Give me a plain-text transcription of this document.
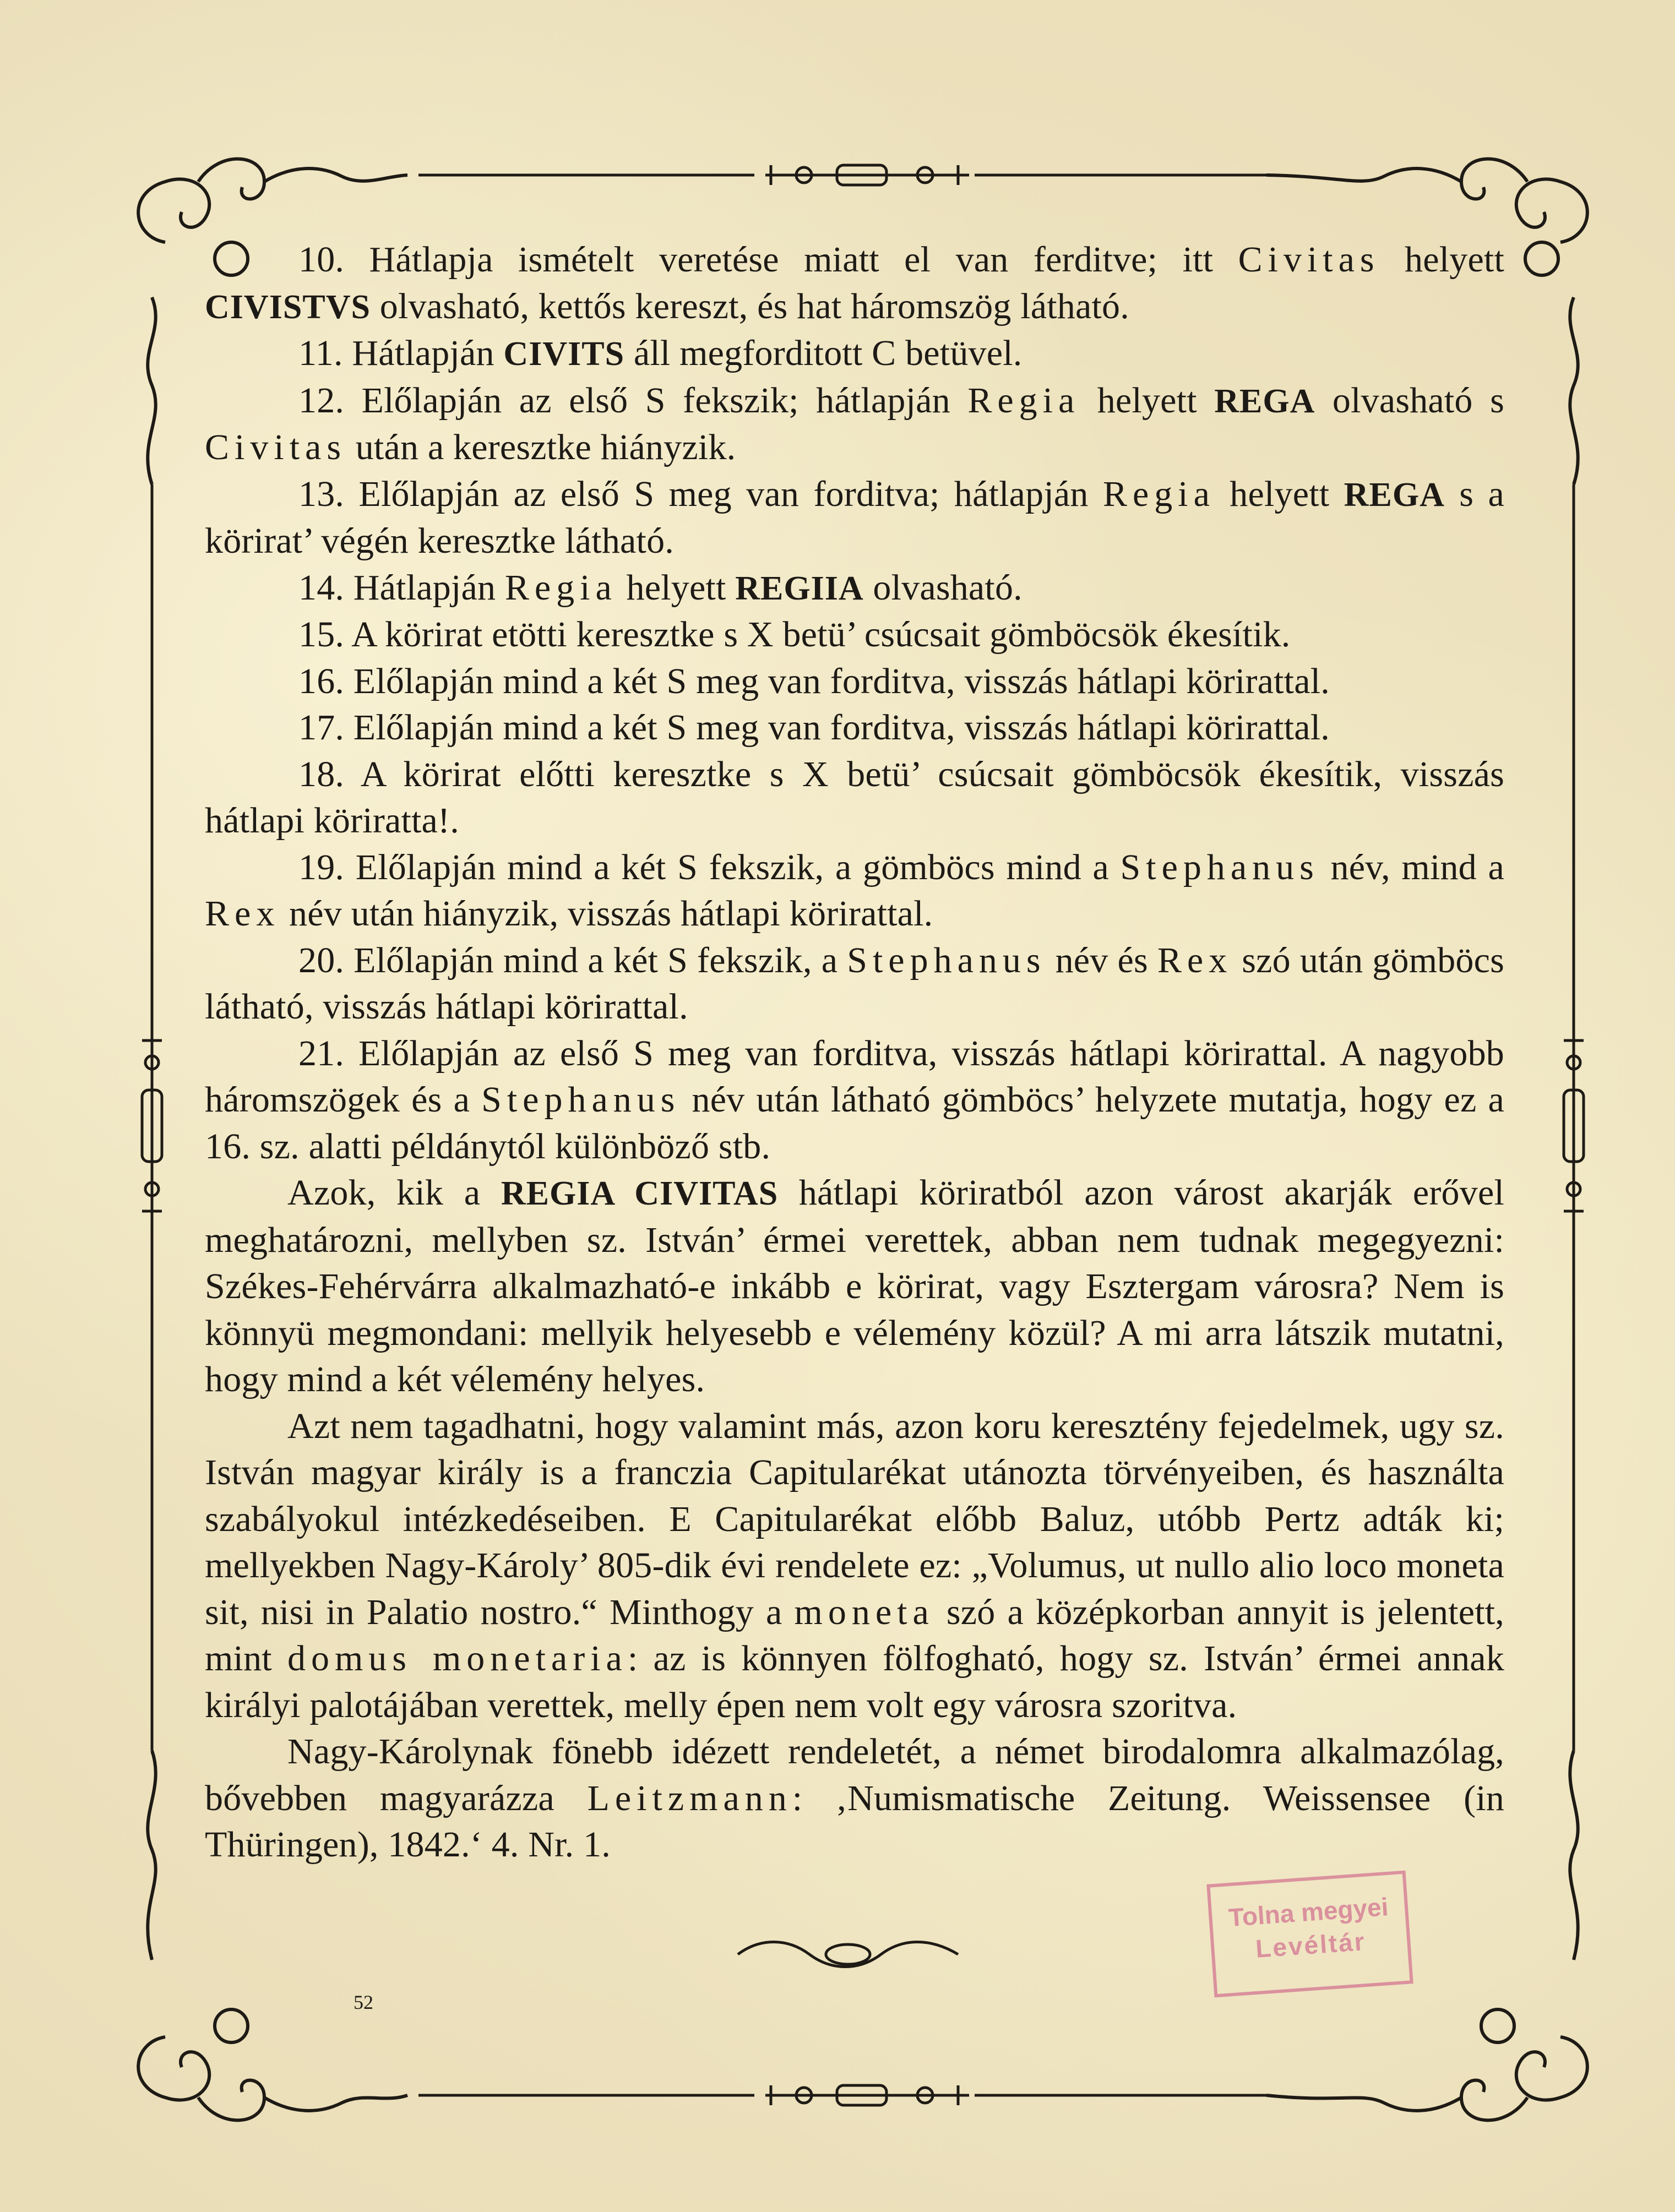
10. Hátlapja ismételt veretése miatt el van ferditve; itt Civitas helyett CIVISTVS olvasható, kettős kereszt, és hat háromszög látható.

11. Hátlapján CIVITS áll megforditott C betüvel.

12. Előlapján az első S fekszik; hátlapján Regia helyett REGA olvasható s Civitas után a keresztke hiányzik.

13. Előlapján az első S meg van forditva; hátlapján Regia helyett REGA s a körirat’ végén keresztke látható.

14. Hátlapján Regia helyett REGIIA olvasható.

15. A körirat etötti keresztke s X betü’ csúcsait gömböcsök ékesítik.

16. Előlapján mind a két S meg van forditva, visszás hátlapi körirattal.

17. Előlapján mind a két S meg van forditva, visszás hátlapi körirattal.

18. A körirat előtti keresztke s X betü’ csúcsait gömböcsök ékesítik, visszás hátlapi köriratta!.

19. Előlapján mind a két S fekszik, a gömböcs mind a Stephanus név, mind a Rex név után hiányzik, visszás hátlapi körirattal.

20. Előlapján mind a két S fekszik, a Stephanus név és Rex szó után gömböcs látható, visszás hátlapi körirattal.

21. Előlapján az első S meg van forditva, visszás hátlapi körirattal. A nagyobb háromszögek és a Stephanus név után látható gömböcs’ helyzete mutatja, hogy ez a 16. sz. alatti példánytól különböző stb.

Azok, kik a REGIA CIVITAS hátlapi köriratból azon várost akarják erővel meghatározni, mellyben sz. István’ érmei verettek, abban nem tudnak megegyezni: Székes-Fehérvárra alkalmazható-e inkább e körirat, vagy Esztergam városra? Nem is könnyü megmondani: mellyik helyesebb e vélemény közül? A mi arra látszik mutatni, hogy mind a két vélemény helyes.

Azt nem tagadhatni, hogy valamint más, azon koru keresztény fejedelmek, ugy sz. István magyar király is a franczia Capitularékat utánozta törvényeiben, és használta szabályokul intézkedéseiben. E Capitularékat előbb Baluz, utóbb Pertz adták ki; mellyekben Nagy-Károly’ 805-dik évi rendelete ez: „Volumus, ut nullo alio loco moneta sit, nisi in Palatio nostro.“ Minthogy a moneta szó a középkorban annyit is jelentett, mint domus monetaria: az is könnyen fölfogható, hogy sz. István’ érmei annak királyi palotájában verettek, melly épen nem volt egy városra szoritva.

Nagy-Károlynak fönebb idézett rendeletét, a német birodalomra alkalmazólag, bővebben magyarázza Leitzmann: ‚Numismatische Zeitung. Weissensee (in Thüringen), 1842.‘ 4. Nr. 1.

52
Tolna megyei
Levéltár
